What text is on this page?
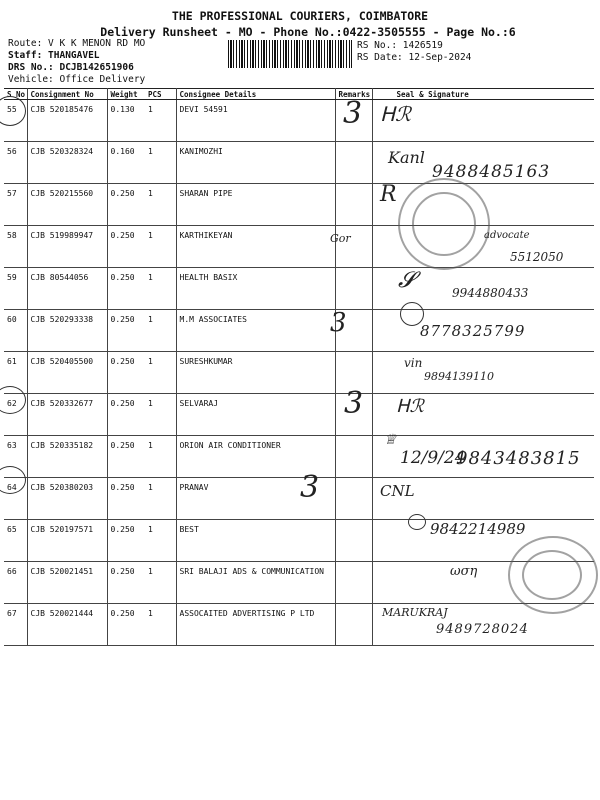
THE PROFESSIONAL COURIERS, COIMBATORE
Delivery Runsheet - MO - Phone No.:0422-3505555 - Page No.:6
Route: V K K MENON RD MO
Staff: THANGAVEL
DRS No.: DCJB142651906
Vehicle: Office Delivery
RS No.: 1426519
RS Date: 12-Sep-2024
S No	Consignment No	Weight	PCS	Consignee Details	Remarks	Seal & Signature
55	CJB 520185476	0.130	1	DEVI 54591		
56	CJB 520328324	0.160	1	KANIMOZHI		
57	CJB 520215560	0.250	1	SHARAN PIPE		
58	CJB 519989947	0.250	1	KARTHIKEYAN		
59	CJB 80544056	0.250	1	HEALTH BASIX		
60	CJB 520293338	0.250	1	M.M ASSOCIATES		
61	CJB 520405500	0.250	1	SURESHKUMAR		
62	CJB 520332677	0.250	1	SELVARAJ		
63	CJB 520335182	0.250	1	ORION AIR CONDITIONER		
64	CJB 520380203	0.250	1	PRANAV		
65	CJB 520197571	0.250	1	BEST		
66	CJB 520021451	0.250	1	SRI BALAJI ADS & COMMUNICATION		
67	CJB 520021444	0.250	1	ASSOCAITED ADVERTISING P LTD		
3 ᕼℛ
Kanl
9488485163
R
Gor	advocate
5512050
𝓢	9944880433
3	8778325799
vin
9894139110
3 ᕼℛ
♕
12/9/24
9843483815
3	CNL
9842214989
ωση
MARUKRAJ
9489728024
